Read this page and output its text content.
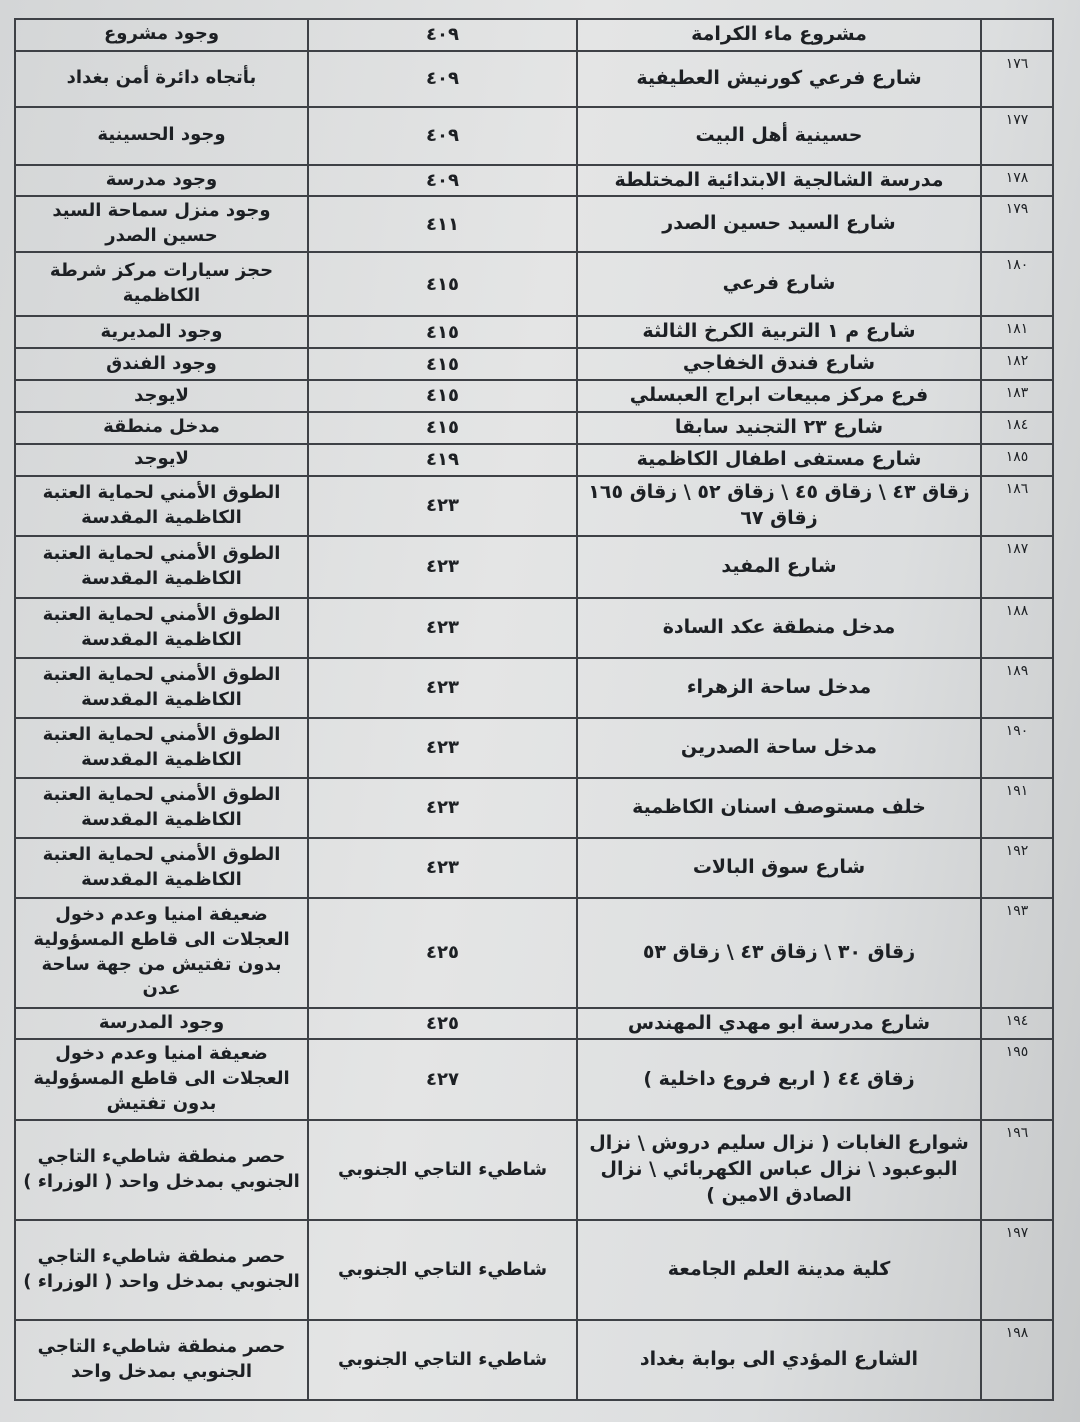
	مشروع ماء الكرامة	٤٠٩	وجود مشروع
١٧٦	شارع فرعي كورنيش العطيفية	٤٠٩	بأتجاه دائرة أمن بغداد
١٧٧	حسينية أهل البيت	٤٠٩	وجود الحسينية
١٧٨	مدرسة الشالجية الابتدائية المختلطة	٤٠٩	وجود مدرسة
١٧٩	شارع السيد حسين الصدر	٤١١	وجود منزل سماحة السيد حسين الصدر
١٨٠	شارع فرعي	٤١٥	حجز سيارات مركز شرطة الكاظمية
١٨١	شارع م ١ التربية الكرخ الثالثة	٤١٥	وجود المديرية
١٨٢	شارع فندق الخفاجي	٤١٥	وجود الفندق
١٨٣	فرع مركز مبيعات ابراج العبسلي	٤١٥	لايوجد
١٨٤	شارع ٢٣ التجنيد سابقا	٤١٥	مدخل منطقة
١٨٥	شارع مستفى اطفال الكاظمية	٤١٩	لايوجد
١٨٦	زقاق ٤٣ \ زقاق ٤٥ \ زقاق ٥٢ \ زقاق ١٦٥ زقاق ٦٧	٤٢٣	الطوق الأمني لحماية العتبة الكاظمية المقدسة
١٨٧	شارع المفيد	٤٢٣	الطوق الأمني لحماية العتبة الكاظمية المقدسة
١٨٨	مدخل منطقة عكد السادة	٤٢٣	الطوق الأمني لحماية العتبة الكاظمية المقدسة
١٨٩	مدخل ساحة الزهراء	٤٢٣	الطوق الأمني لحماية العتبة الكاظمية المقدسة
١٩٠	مدخل ساحة الصدرين	٤٢٣	الطوق الأمني لحماية العتبة الكاظمية المقدسة
١٩١	خلف مستوصف اسنان الكاظمية	٤٢٣	الطوق الأمني لحماية العتبة الكاظمية المقدسة
١٩٢	شارع سوق البالات	٤٢٣	الطوق الأمني لحماية العتبة الكاظمية المقدسة
١٩٣	زقاق ٣٠ \ زقاق ٤٣ \ زقاق ٥٣	٤٢٥	ضعيفة امنيا وعدم دخول العجلات الى قاطع المسؤولية بدون تفتيش من جهة ساحة عدن
١٩٤	شارع مدرسة ابو مهدي المهندس	٤٢٥	وجود المدرسة
١٩٥	زقاق ٤٤ ( اربع فروع داخلية )	٤٢٧	ضعيفة امنيا وعدم دخول العجلات الى قاطع المسؤولية بدون تفتيش
١٩٦	شوارع الغابات ( نزال سليم دروش \ نزال البوعبود \ نزال عباس الكهربائي \ نزال الصادق الامين )	شاطيء التاجي الجنوبي	حصر منطقة شاطيء التاجي الجنوبي بمدخل واحد ( الوزراء )
١٩٧	كلية مدينة العلم الجامعة	شاطيء التاجي الجنوبي	حصر منطقة شاطيء التاجي الجنوبي بمدخل واحد ( الوزراء )
١٩٨	الشارع المؤدي الى بوابة بغداد	شاطيء التاجي الجنوبي	حصر منطقة شاطيء التاجي الجنوبي بمدخل واحد
